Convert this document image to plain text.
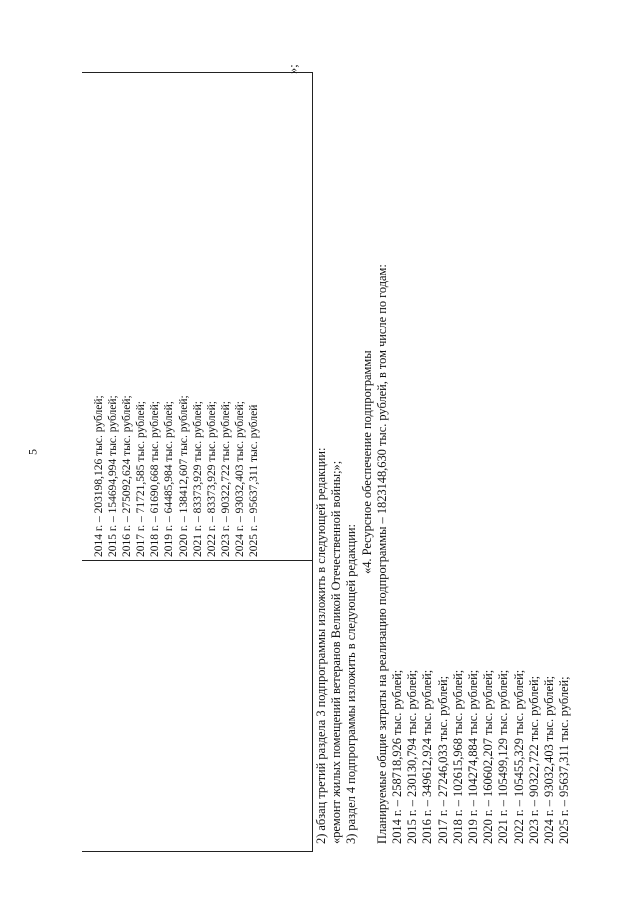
5	2014 г. – 203198,126 тыс. рублей; 2015 г. – 154694,994 тыс. рублей; 2016 г. – 275092,624 тыс. рублей; 2017 г. – 71721,585 тыс. рублей; 2018 г. – 61690,668 тыс. рублей; 2019 г. – 64485,984 тыс. рублей; 2020 г. – 138412,607 тыс. рублей; 2021 г. – 83373,929 тыс. рублей; 2022 г. – 83373,929 тыс. рублей; 2023 г. – 90322,722 тыс. рублей; 2024 г. – 93032,403 тыс. рублей; 2025 г. – 95637,311 тыс. рублей
»;
2) абзац третий раздела 3 подпрограммы изложить в следующей редакции: «ремонт жилых помещений ветеранов Великой Отечественной войны;»; 3) раздел 4 подпрограммы изложить в следующей редакции:
«4. Ресурсное обеспечение подпрограммы Планируемые общие затраты на реализацию подпрограммы – 1823148,630 тыс. рублей, в том числе по годам: 2014 г. – 258718,926 тыс. рублей; 2015 г. – 230130,794 тыс. рублей; 2016 г. – 349612,924 тыс. рублей; 2017 г. – 27246,033 тыс. рублей; 2018 г. – 102615,968 тыс. рублей; 2019 г. – 104274,884 тыс. рублей; 2020 г. – 160602,207 тыс. рублей; 2021 г. – 105499,129 тыс. рублей; 2022 г. – 105455,329 тыс. рублей; 2023 г. – 90322,722 тыс. рублей; 2024 г. – 93032,403 тыс. рублей; 2025 г. – 95637,311 тыс. рублей;
